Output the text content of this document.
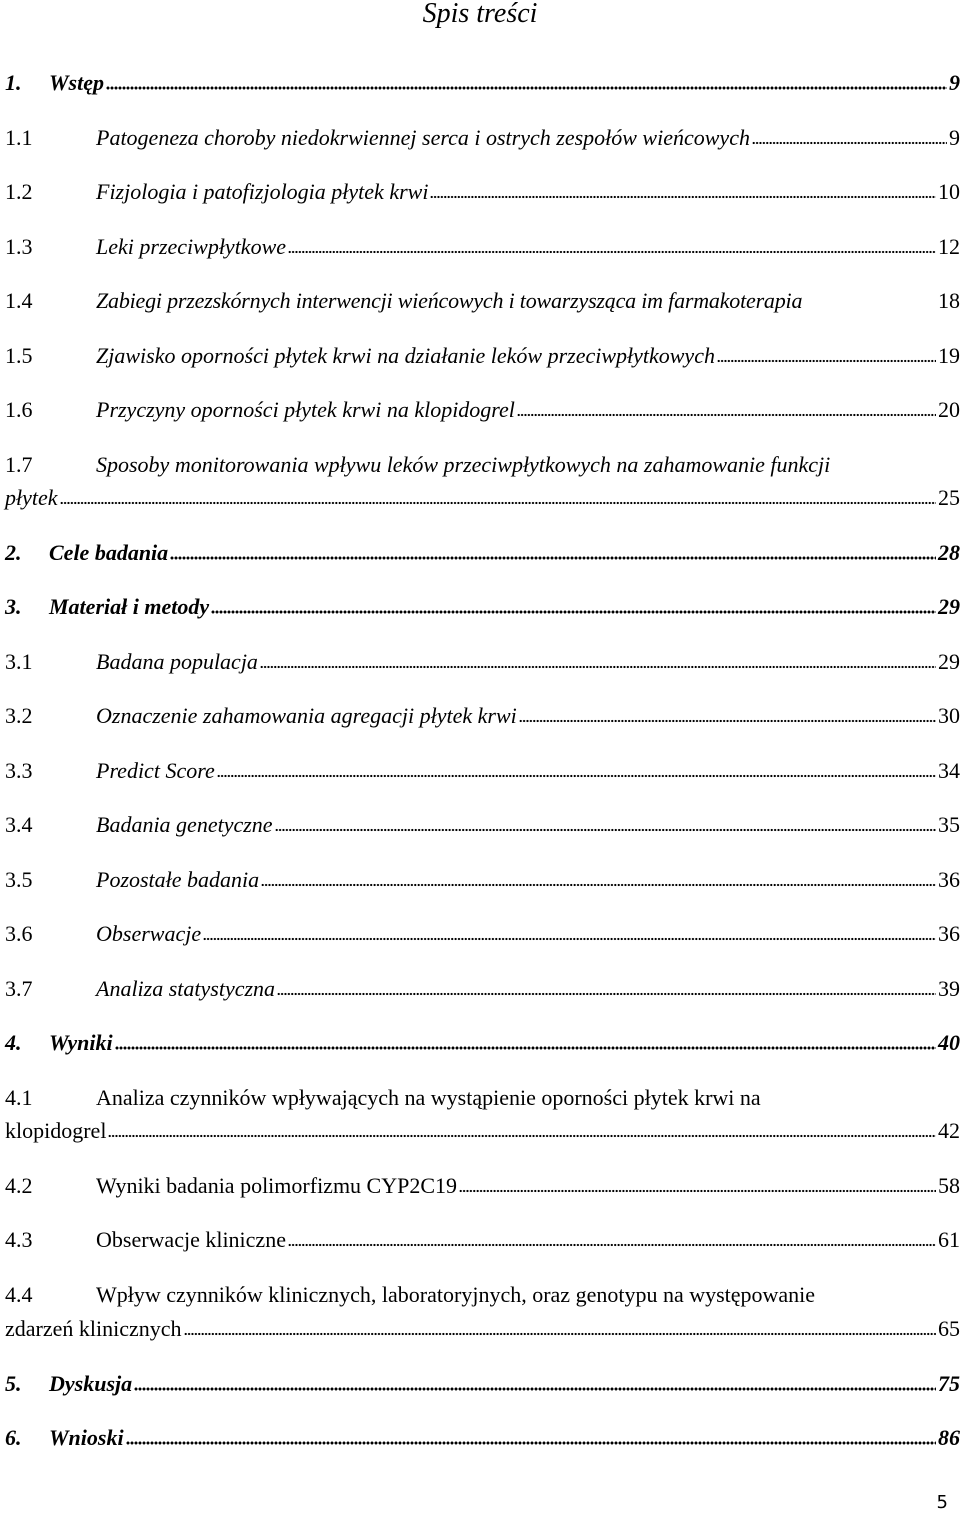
Spis treści
1.	Wstęp	9
1.1	Patogeneza choroby niedokrwiennej serca i ostrych zespołów wieńcowych	9
1.2	Fizjologia i patofizjologia płytek krwi	10
1.3	Leki przeciwpłytkowe	12
1.4	Zabiegi przezskórnych interwencji wieńcowych i towarzysząca im farmakoterapia	18
1.5	Zjawisko oporności płytek krwi na działanie leków przeciwpłytkowych	19
1.6	Przyczyny oporności płytek krwi na klopidogrel	20
1.7	Sposoby monitorowania wpływu leków przeciwpłytkowych na zahamowanie funkcji
płytek	25
2.	Cele badania	28
3.	Materiał i metody	29
3.1	Badana populacja	29
3.2	Oznaczenie zahamowania agregacji płytek krwi	30
3.3	Predict Score	34
3.4	Badania genetyczne	35
3.5	Pozostałe badania	36
3.6	Obserwacje	36
3.7	Analiza statystyczna	39
4.	Wyniki	40
4.1	Analiza czynników wpływających na wystąpienie oporności płytek krwi na
klopidogrel	42
4.2	Wyniki badania polimorfizmu CYP2C19	58
4.3	Obserwacje kliniczne	61
4.4	Wpływ czynników klinicznych, laboratoryjnych, oraz genotypu na występowanie
zdarzeń klinicznych	65
5.	Dyskusja	75
6.	Wnioski	86
5
